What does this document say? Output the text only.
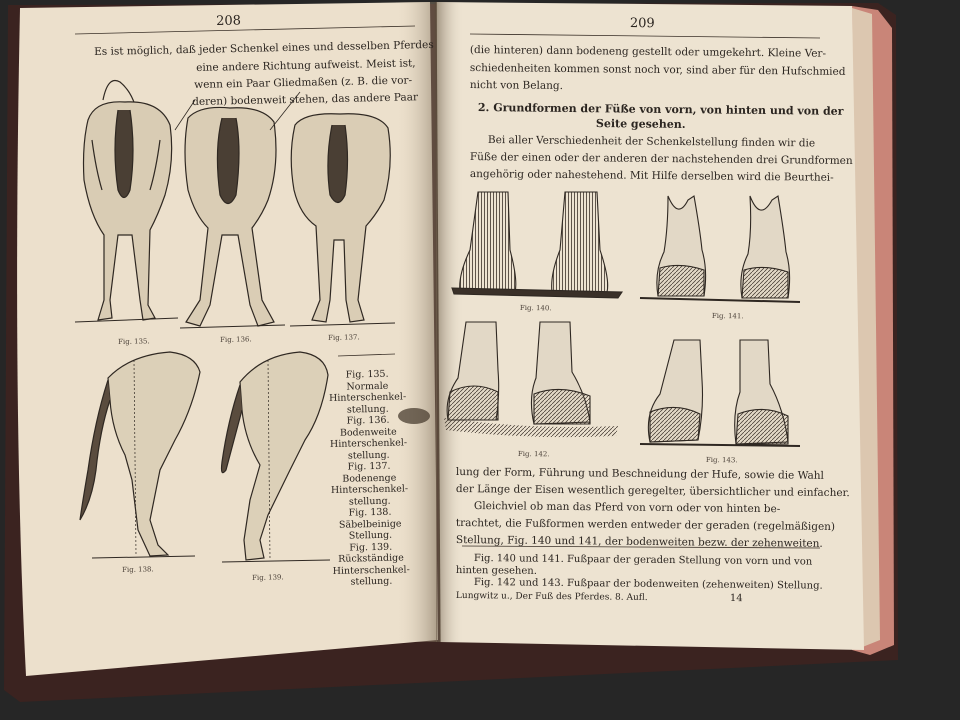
208
Es ist möglich, daß jeder Schenkel eines und desselben Pferdes
eine andere Richtung aufweist. Meist ist,
wenn ein Paar Gliedmaßen (z. B. die vor-
deren) bodenweit stehen, das andere Paar
Fig. 135.	Fig. 136.	Fig. 137.
Fig. 138.
Fig. 139.
Fig. 135.
Normale
Hinterschenkel-
stellung.
Fig. 136.
Bodenweite
Hinterschenkel-
stellung.
Fig. 137.
Bodenenge
Hinterschenkel-
stellung.
Fig. 138.
Säbelbeinige
Stellung.
Fig. 139.
Rückständige
Hinterschenkel-
stellung.
209
(die hinteren) dann bodeneng gestellt oder umgekehrt. Kleine Ver-
schiedenheiten kommen sonst noch vor, sind aber für den Hufschmied
nicht von Belang.
2. Grundformen der Füße von vorn, von hinten und von der
Seite gesehen.
Bei aller Verschiedenheit der Schenkelstellung finden wir die
Füße der einen oder der anderen der nachstehenden drei Grundformen
angehörig oder nahestehend. Mit Hilfe derselben wird die Beurthei-
Fig. 140.
Fig. 141.
Fig. 142.
Fig. 143.
lung der Form, Führung und Beschneidung der Hufe, sowie die Wahl
der Länge der Eisen wesentlich geregelter, übersichtlicher und einfacher.
Gleichviel ob man das Pferd von vorn oder von hinten be-
trachtet, die Fußformen werden entweder der geraden (regelmäßigen)
Stellung, Fig. 140 und 141, der bodenweiten bezw. der zehenweiten.
Fig. 140 und 141. Fußpaar der geraden Stellung von vorn und von
hinten gesehen.
Fig. 142 und 143. Fußpaar der bodenweiten (zehenweiten) Stellung.
Lungwitz u., Der Fuß des Pferdes. 8. Aufl.	14
